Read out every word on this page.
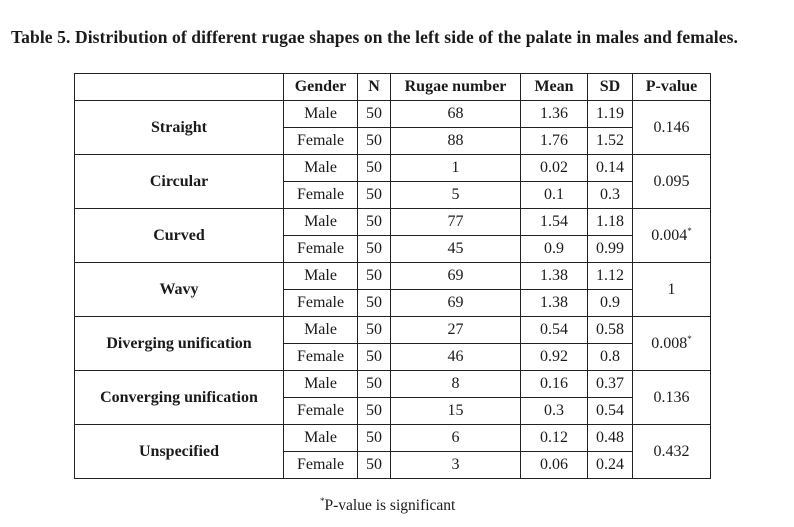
Table 5. Distribution of different rugae shapes on the left side of the palate in males and females.
	Gender	N	Rugae number	Mean	SD	P-value
Straight	Male	50	68	1.36	1.19	0.146
	Female	50	88	1.76	1.52	
Circular	Male	50	1	0.02	0.14	0.095
	Female	50	5	0.1	0.3	
Curved	Male	50	77	1.54	1.18	0.004*
	Female	50	45	0.9	0.99	
Wavy	Male	50	69	1.38	1.12	1
	Female	50	69	1.38	0.9	
Diverging unification	Male	50	27	0.54	0.58	0.008*
	Female	50	46	0.92	0.8	
Converging unification	Male	50	8	0.16	0.37	0.136
	Female	50	15	0.3	0.54	
Unspecified	Male	50	6	0.12	0.48	0.432
	Female	50	3	0.06	0.24	
*P-value is significant
